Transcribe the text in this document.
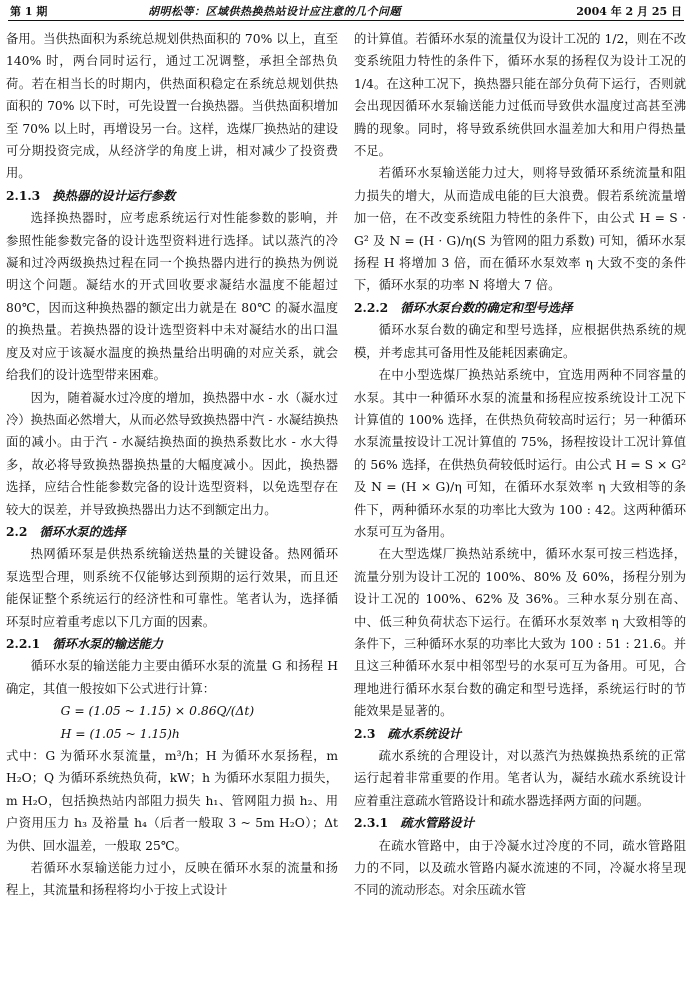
第 1 期	胡明松等：区域供热换热站设计应注意的几个问题	2004 年 2 月 25 日

备用。当供热面积为系统总规划供热面积的 70% 以上，直至 140% 时，两台同时运行，通过工况调整，承担全部热负荷。若在相当长的时期内，供热面积稳定在系统总规划供热面积的 70% 以下时，可先设置一台换热器。当供热面积增加至 70% 以上时，再增设另一台。这样，选煤厂换热站的建设可分期投资完成，从经济学的角度上讲，相对减少了投资费用。

2.1.3 换热器的设计运行参数

选择换热器时，应考虑系统运行对性能参数的影响，并参照性能参数完备的设计选型资料进行选择。试以蒸汽的冷凝和过冷两级换热过程在同一个换热器内进行的换热为例说明这个问题。凝结水的开式回收要求凝结水温度不能超过 80℃，因而这种换热器的额定出力就是在 80℃ 的凝水温度的换热量。若换热器的设计选型资料中未对凝结水的出口温度及对应于该凝水温度的换热量给出明确的对应关系，就会给我们的设计选型带来困难。

因为，随着凝水过冷度的增加，换热器中水 - 水（凝水过冷）换热面必然增大，从而必然导致换热器中汽 - 水凝结换热面的减小。由于汽 - 水凝结换热面的换热系数比水 - 水大得多，故必将导致换热器换热量的大幅度减小。因此，换热器选择，应结合性能参数完备的设计选型资料，以免选型存在较大的误差，并导致换热器出力达不到额定出力。

2.2 循环水泵的选择

热网循环泵是供热系统输送热量的关键设备。热网循环泵选型合理，则系统不仅能够达到预期的运行效果，而且还能保证整个系统运行的经济性和可靠性。笔者认为，选择循环泵时应着重考虑以下几方面的因素。

2.2.1 循环水泵的输送能力

循环水泵的输送能力主要由循环水泵的流量 G 和扬程 H 确定，其值一般按如下公式进行计算：

G = (1.05 ~ 1.15) × 0.86Q/(Δt)

H = (1.05 ~ 1.15)h

式中：G 为循环水泵流量，m³/h；H 为循环水泵扬程，m H₂O；Q 为循环系统热负荷，kW；h 为循环水泵阻力损失，m H₂O，包括换热站内部阻力损失 h₁、管网阻力损 h₂、用户资用压力 h₃ 及裕量 h₄（后者一般取 3 ~ 5m H₂O）；Δt 为供、回水温差，一般取 25℃。

若循环水泵输送能力过小，反映在循环水泵的流量和扬程上，其流量和扬程将均小于按上式设计

的计算值。若循环水泵的流量仅为设计工况的 1/2，则在不改变系统阻力特性的条件下，循环水泵的扬程仅为设计工况的 1/4。在这种工况下，换热器只能在部分负荷下运行，否则就会出现因循环水泵输送能力过低而导致供水温度过高甚至沸腾的现象。同时，将导致系统供回水温差加大和用户得热量不足。

若循环水泵输送能力过大，则将导致循环系统流量和阻力损失的增大，从而造成电能的巨大浪费。假若系统流量增加一倍，在不改变系统阻力特性的条件下，由公式 H = S · G² 及 N = (H · G)/η(S 为管网的阻力系数) 可知，循环水泵扬程 H 将增加 3 倍，而在循环水泵效率 η 大致不变的条件下，循环水泵的功率 N 将增大 7 倍。

2.2.2 循环水泵台数的确定和型号选择

循环水泵台数的确定和型号选择，应根据供热系统的规模，并考虑其可备用性及能耗因素确定。

在中小型选煤厂换热站系统中，宜选用两种不同容量的水泵。其中一种循环水泵的流量和扬程应按系统设计工况下计算值的 100% 选择，在供热负荷较高时运行；另一种循环水泵流量按设计工况计算值的 75%，扬程按设计工况计算值的 56% 选择，在供热负荷较低时运行。由公式 H = S × G² 及 N = (H × G)/η 可知，在循环水泵效率 η 大致相等的条件下，两种循环水泵的功率比大致为 100 : 42。这两种循环水泵可互为备用。

在大型选煤厂换热站系统中，循环水泵可按三档选择，流量分别为设计工况的 100%、80% 及 60%，扬程分别为设计工况的 100%、62% 及 36%。三种水泵分别在高、中、低三种负荷状态下运行。在循环水泵效率 η 大致相等的条件下，三种循环水泵的功率比大致为 100 : 51 : 21.6。并且这三种循环水泵中相邻型号的水泵可互为备用。可见，合理地进行循环水泵台数的确定和型号选择，系统运行时的节能效果是显著的。

2.3 疏水系统设计

疏水系统的合理设计，对以蒸汽为热媒换热系统的正常运行起着非常重要的作用。笔者认为，凝结水疏水系统设计应着重注意疏水管路设计和疏水器选择两方面的问题。

2.3.1 疏水管路设计

在疏水管路中，由于冷凝水过冷度的不同，疏水管路阻力的不同，以及疏水管路内凝水流速的不同，冷凝水将呈现不同的流动形态。对余压疏水管
